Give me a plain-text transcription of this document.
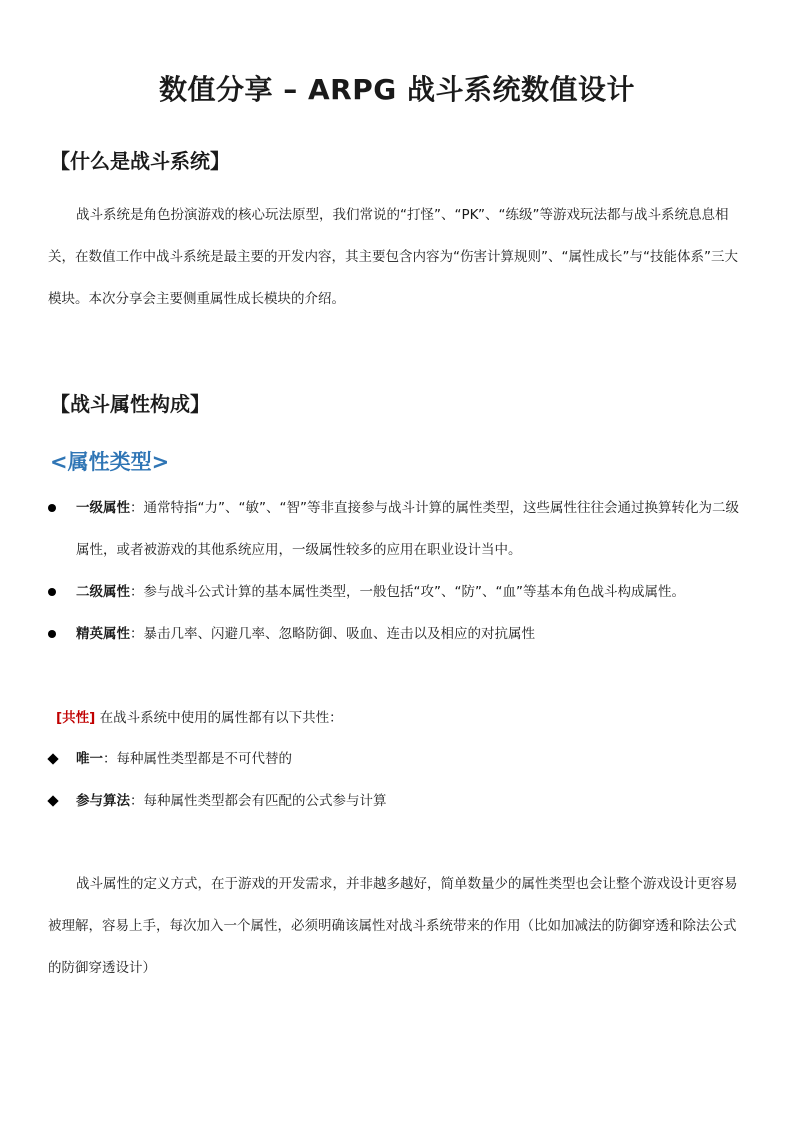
数值分享 – ARPG 战斗系统数值设计
【什么是战斗系统】
战斗系统是角色扮演游戏的核心玩法原型，我们常说的“打怪”、“PK”、“练级”等游戏玩法都与战斗系统息息相关，在数值工作中战斗系统是最主要的开发内容，其主要包含内容为“伤害计算规则”、“属性成长”与“技能体系”三大模块。本次分享会主要侧重属性成长模块的介绍。
【战斗属性构成】
<属性类型>
一级属性：通常特指“力”、“敏”、“智”等非直接参与战斗计算的属性类型，这些属性往往会通过换算转化为二级属性，或者被游戏的其他系统应用，一级属性较多的应用在职业设计当中。
二级属性：参与战斗公式计算的基本属性类型，一般包括“攻”、“防”、“血”等基本角色战斗构成属性。
精英属性：暴击几率、闪避几率、忽略防御、吸血、连击以及相应的对抗属性
[共性] 在战斗系统中使用的属性都有以下共性：
唯一：每种属性类型都是不可代替的
参与算法：每种属性类型都会有匹配的公式参与计算
战斗属性的定义方式，在于游戏的开发需求，并非越多越好，简单数量少的属性类型也会让整个游戏设计更容易被理解，容易上手，每次加入一个属性，必须明确该属性对战斗系统带来的作用（比如加减法的防御穿透和除法公式的防御穿透设计）
